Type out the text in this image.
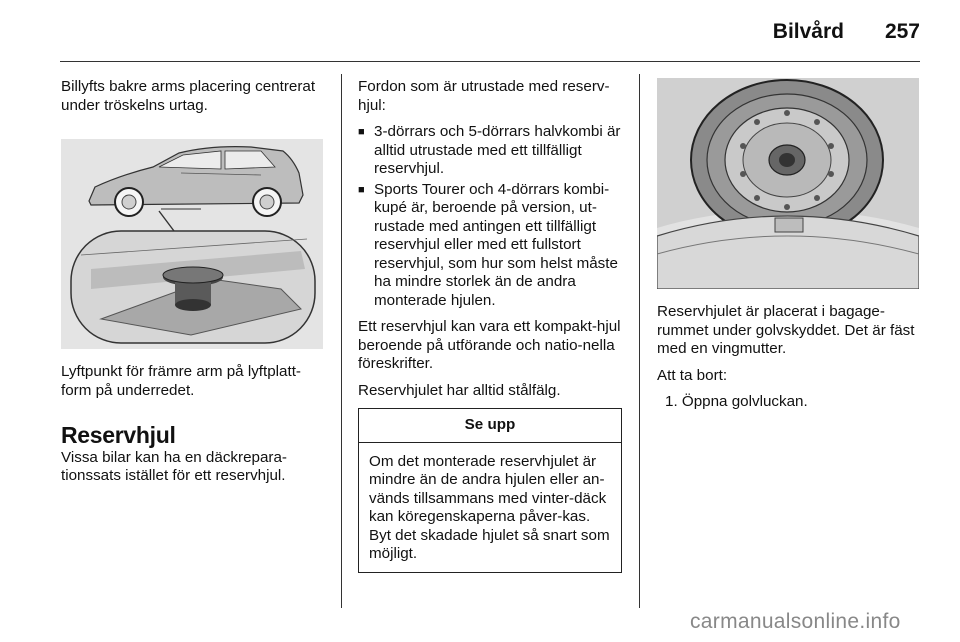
Bilvård 257

Billyfts bakre arms placering centrerat under tröskelns urtag.

Lyftpunkt för främre arm på lyftplatt-form på underredet.

Reservhjul

Vissa bilar kan ha en däckrepara-tionssats istället för ett reservhjul.

Fordon som är utrustade med reserv-hjul:

■ 3-dörrars och 5-dörrars halvkombi är alltid utrustade med ett tillfälligt reservhjul.
■ Sports Tourer och 4-dörrars kombi-kupé är, beroende på version, ut-rustade med antingen ett tillfälligt reservhjul eller med ett fullstort reservhjul, som hur som helst måste ha mindre storlek än de andra monterade hjulen.

Ett reservhjul kan vara ett kompakt-hjul beroende på utförande och natio-nella föreskrifter.

Reservhjulet har alltid stålfälg.

Se upp
Om det monterade reservhjulet är mindre än de andra hjulen eller an-vänds tillsammans med vinter-däck kan köregenskaperna påver-kas. Byt det skadade hjulet så snart som möjligt.

Reservhjulet är placerat i bagage-rummet under golvskyddet. Det är fäst med en vingmutter.

Att ta bort:

1. Öppna golvluckan.
carmanualsonline.info
